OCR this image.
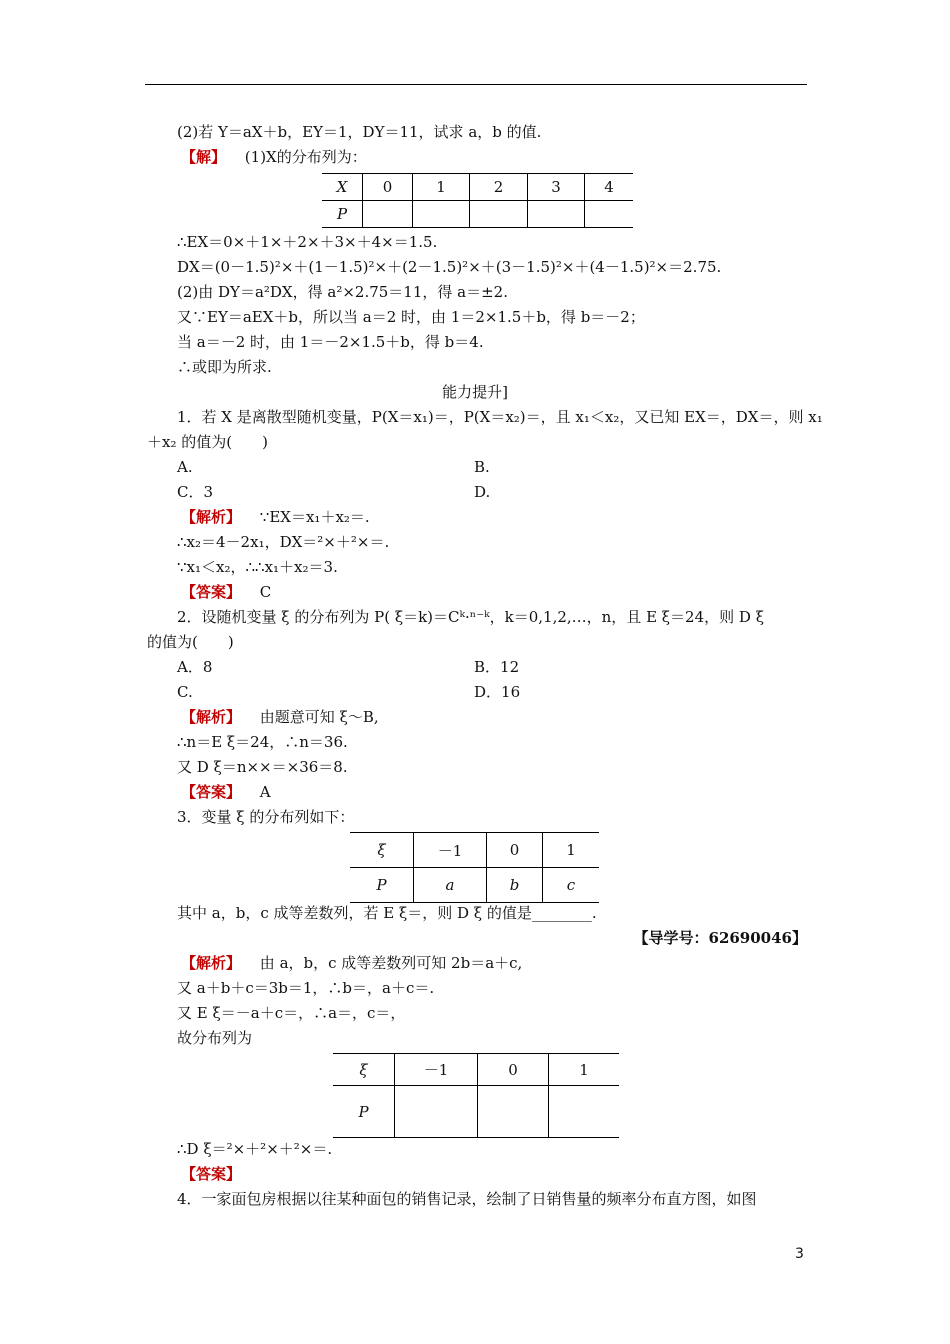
(2)若 Y＝aX＋b，EY＝1，DY＝11，试求 a，b 的值.
【解】 (1)X的分布列为：
X	0	1	2	3	4
P					
∴EX＝0×＋1×＋2×＋3×＋4×＝1.5.
DX＝(0－1.5)²×＋(1－1.5)²×＋(2－1.5)²×＋(3－1.5)²×＋(4－1.5)²×＝2.75.
(2)由 DY＝a²DX，得 a²×2.75＝11，得 a＝±2.
又∵EY＝aEX＋b，所以当 a＝2 时，由 1＝2×1.5＋b，得 b＝－2；
当 a＝－2 时，由 1＝－2×1.5＋b，得 b＝4.
∴或即为所求.
能力提升]
1．若 X 是离散型随机变量，P(X＝x₁)＝，P(X＝x₂)＝，且 x₁＜x₂，又已知 EX＝，DX＝，则 x₁
＋x₂ 的值为(　　)
A.	B.
C．3	D.
【解析】 ∵EX＝x₁＋x₂＝.
∴x₂＝4－2x₁，DX＝²×＋²×＝.
∵x₁＜x₂，∴∴x₁＋x₂＝3.
【答案】 C
2．设随机变量 ξ 的分布列为 P( ξ＝k)＝Cᵏ·ⁿ⁻ᵏ，k＝0,1,2,…，n，且 E ξ＝24，则 D ξ
的值为(　　)
A．8	B．12
C.	D．16
【解析】 由题意可知 ξ～B,
∴n＝E ξ＝24，∴n＝36.
又 D ξ＝n××＝×36＝8.
【答案】 A
3．变量 ξ 的分布列如下：
ξ	－1	0	1
P	a	b	c
其中 a，b，c 成等差数列，若 E ξ＝，则 D ξ 的值是________.
【导学号：62690046】
【解析】 由 a，b，c 成等差数列可知 2b＝a＋c,
又 a＋b＋c＝3b＝1，∴b＝，a＋c＝.
又 E ξ＝－a＋c＝，∴a＝，c＝，
故分布列为
ξ	－1	0	1
P			
∴D ξ＝²×＋²×＋²×＝.
【答案】
4．一家面包房根据以往某种面包的销售记录，绘制了日销售量的频率分布直方图，如图
3
